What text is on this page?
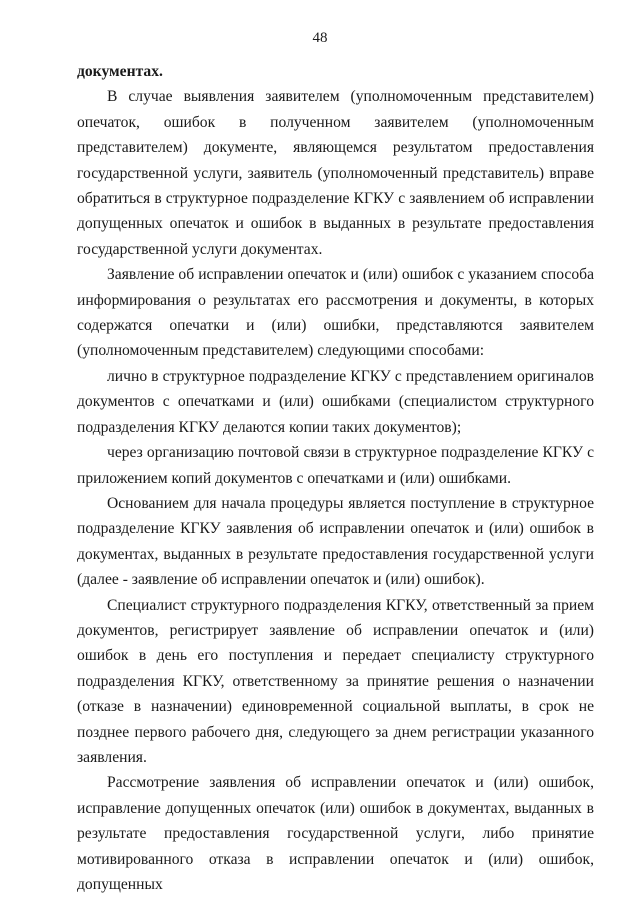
48

документах.

В случае выявления заявителем (уполномоченным представителем) опечаток, ошибок в полученном заявителем (уполномоченным представителем) документе, являющемся результатом предоставления государственной услуги, заявитель (уполномоченный представитель) вправе обратиться в структурное подразделение КГКУ с заявлением об исправлении допущенных опечаток и ошибок в выданных в результате предоставления государственной услуги документах.

Заявление об исправлении опечаток и (или) ошибок с указанием способа информирования о результатах его рассмотрения и документы, в которых содержатся опечатки и (или) ошибки, представляются заявителем (уполномоченным представителем) следующими способами:

лично в структурное подразделение КГКУ с представлением оригиналов документов с опечатками и (или) ошибками (специалистом структурного подразделения КГКУ делаются копии таких документов);

через организацию почтовой связи в структурное подразделение КГКУ с приложением копий документов с опечатками и (или) ошибками.

Основанием для начала процедуры является поступление в структурное подразделение КГКУ заявления об исправлении опечаток и (или) ошибок в документах, выданных в результате предоставления государственной услуги (далее - заявление об исправлении опечаток и (или) ошибок).

Специалист структурного подразделения КГКУ, ответственный за прием документов, регистрирует заявление об исправлении опечаток и (или) ошибок в день его поступления и передает специалисту структурного подразделения КГКУ, ответственному за принятие решения о назначении (отказе в назначении) единовременной социальной выплаты, в срок не позднее первого рабочего дня, следующего за днем регистрации указанного заявления.

Рассмотрение заявления об исправлении опечаток и (или) ошибок, исправление допущенных опечаток (или) ошибок в документах, выданных в результате предоставления государственной услуги, либо принятие мотивированного отказа в исправлении опечаток и (или) ошибок, допущенных
